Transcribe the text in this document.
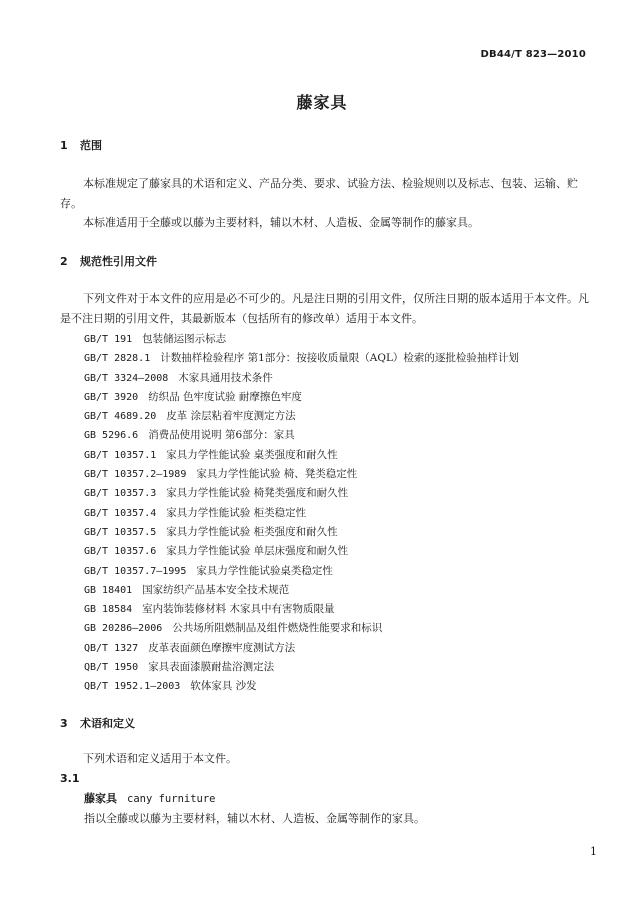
DB44/T 823—2010
藤家具
1 范围
本标准规定了藤家具的术语和定义、产品分类、要求、试验方法、检验规则以及标志、包装、运输、贮存。
本标准适用于全藤或以藤为主要材料，辅以木材、人造板、金属等制作的藤家具。
2 规范性引用文件
下列文件对于本文件的应用是必不可少的。凡是注日期的引用文件，仅所注日期的版本适用于本文件。凡是不注日期的引用文件，其最新版本（包括所有的修改单）适用于本文件。
GB/T 191 包装储运图示标志
GB/T 2828.1 计数抽样检验程序 第1部分：按接收质量限（AQL）检索的逐批检验抽样计划
GB/T 3324—2008 木家具通用技术条件
GB/T 3920 纺织品 色牢度试验 耐摩擦色牢度
GB/T 4689.20 皮革 涂层粘着牢度测定方法
GB 5296.6 消费品使用说明 第6部分：家具
GB/T 10357.1 家具力学性能试验 桌类强度和耐久性
GB/T 10357.2—1989 家具力学性能试验 椅、凳类稳定性
GB/T 10357.3 家具力学性能试验 椅凳类强度和耐久性
GB/T 10357.4 家具力学性能试验 柜类稳定性
GB/T 10357.5 家具力学性能试验 柜类强度和耐久性
GB/T 10357.6 家具力学性能试验 单层床强度和耐久性
GB/T 10357.7—1995 家具力学性能试验桌类稳定性
GB 18401 国家纺织产品基本安全技术规范
GB 18584 室内装饰装修材料 木家具中有害物质限量
GB 20286—2006 公共场所阻燃制品及组件燃烧性能要求和标识
QB/T 1327 皮革表面颜色摩擦牢度测试方法
QB/T 1950 家具表面漆膜耐盐浴测定法
QB/T 1952.1—2003 软体家具 沙发
3 术语和定义
下列术语和定义适用于本文件。
3.1
藤家具 cany furniture
指以全藤或以藤为主要材料，辅以木材、人造板、金属等制作的家具。
1
